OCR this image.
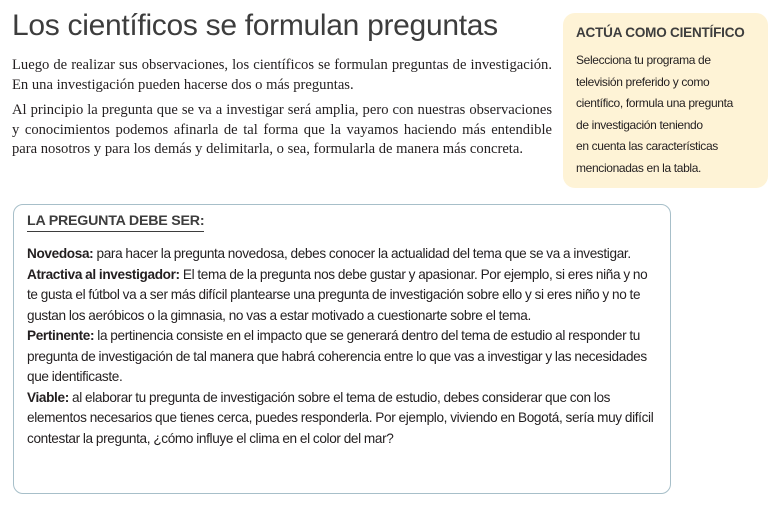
Los científicos se formulan preguntas

Luego de realizar sus observaciones, los científicos se formulan preguntas de investigación. En una investigación pueden hacerse dos o más preguntas.

Al principio la pregunta que se va a investigar será amplia, pero con nuestras observaciones y conocimientos podemos afinarla de tal forma que la vayamos haciendo más entendible para nosotros y para los demás y delimitarla, o sea, formularla de manera más concreta.

ACTÚA COMO CIENTÍFICO
Selecciona tu programa de
televisión preferido y como
científico, formula una pregunta
de investigación teniendo
en cuenta las características
mencionadas en la tabla.
LA PREGUNTA DEBE SER:
Novedosa: para hacer la pregunta novedosa, debes conocer la actualidad del tema que se va a investigar.
Atractiva al investigador: El tema de la pregunta nos debe gustar y apasionar. Por ejemplo, si eres niña y no te gusta el fútbol va a ser más difícil plantearse una pregunta de investigación sobre ello y si eres niño y no te gustan los aeróbicos o la gimnasia, no vas a estar motivado a cuestionarte sobre el tema.
Pertinente: la pertinencia consiste en el impacto que se generará dentro del tema de estudio al responder tu pregunta de investigación de tal manera que habrá coherencia entre lo que vas a investigar y las necesidades que identificaste.
Viable: al elaborar tu pregunta de investigación sobre el tema de estudio, debes considerar que con los elementos necesarios que tienes cerca, puedes responderla. Por ejemplo, viviendo en Bogotá, sería muy difícil contestar la pregunta, ¿cómo influye el clima en el color del mar?
